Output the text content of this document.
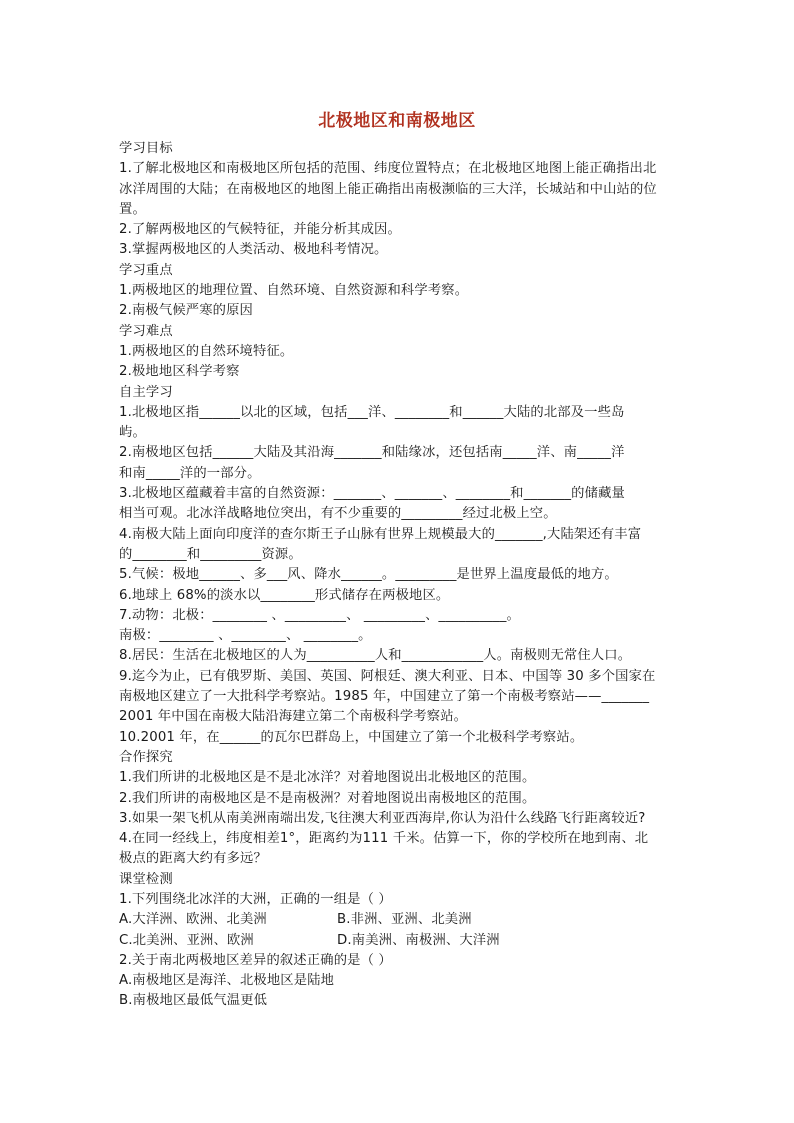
北极地区和南极地区
学习目标
1.了解北极地区和南极地区所包括的范围、纬度位置特点；在北极地区地图上能正确指出北
冰洋周围的大陆；在南极地区的地图上能正确指出南极濒临的三大洋，长城站和中山站的位
置。
2.了解两极地区的气候特征，并能分析其成因。
3.掌握两极地区的人类活动、极地科考情况。
学习重点
1.两极地区的地理位置、自然环境、自然资源和科学考察。
2.南极气候严寒的原因
学习难点
1.两极地区的自然环境特征。
2.极地地区科学考察
自主学习
1.北极地区指______以北的区域，包括___洋、________和______大陆的北部及一些岛
屿。
2.南极地区包括______大陆及其沿海_______和陆缘冰，还包括南_____洋、南_____洋
和南_____洋的一部分。
3.北极地区蕴藏着丰富的自然资源：_______、_______、________和_______的储藏量
相当可观。北冰洋战略地位突出，有不少重要的_________经过北极上空。
4.南极大陆上面向印度洋的查尔斯王子山脉有世界上规模最大的_______,大陆架还有丰富
的________和_________资源。
5.气候：极地______、多___风、降水______。_________是世界上温度最低的地方。
6.地球上 68%的淡水以________形式储存在两极地区。
7.动物：北极：________ 、_________、 _________、__________。
南极：________ 、________、 ________。
8.居民：生活在北极地区的人为__________人和____________人。南极则无常住人口。
9.迄今为止，已有俄罗斯、美国、英国、阿根廷、澳大利亚、日本、中国等 30 多个国家在
南极地区建立了一大批科学考察站。1985 年，中国建立了第一个南极考察站——_______
2001 年中国在南极大陆沿海建立第二个南极科学考察站。
10.2001 年，在______的瓦尔巴群岛上，中国建立了第一个北极科学考察站。
合作探究
1.我们所讲的北极地区是不是北冰洋？对着地图说出北极地区的范围。
2.我们所讲的南极地区是不是南极洲？对着地图说出南极地区的范围。
3.如果一架飞机从南美洲南端出发,飞往澳大利亚西海岸,你认为沿什么线路飞行距离较近?
4.在同一经线上，纬度相差1°，距离约为111 千米。估算一下，你的学校所在地到南、北
极点的距离大约有多远？
课堂检测
1.下列围绕北冰洋的大洲，正确的一组是（ ）
A.大洋洲、欧洲、北美洲	B.非洲、亚洲、北美洲
C.北美洲、亚洲、欧洲	D.南美洲、南极洲、大洋洲
2.关于南北两极地区差异的叙述正确的是（ ）
A.南极地区是海洋、北极地区是陆地
B.南极地区最低气温更低
